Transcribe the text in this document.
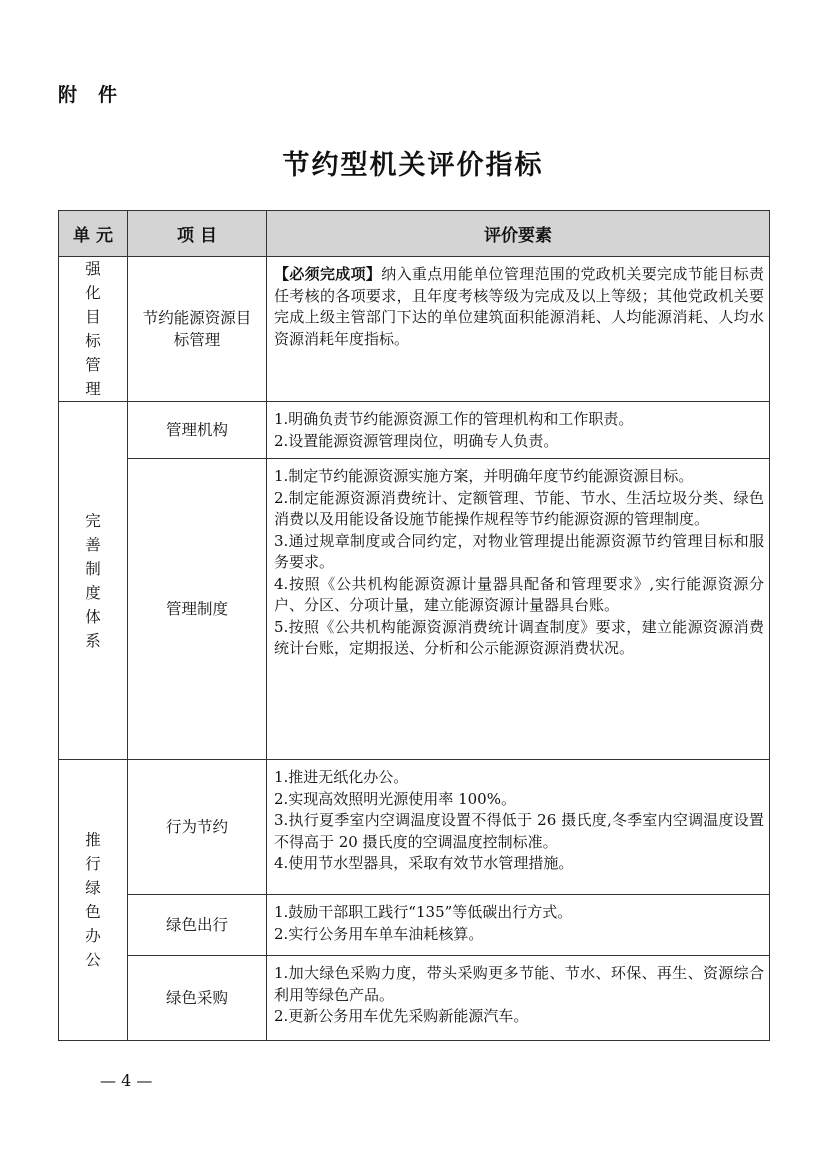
附　件
节约型机关评价指标
单 元	项 目	评价要素

强化目标管理	节约能源资源目标管理	【必须完成项】纳入重点用能单位管理范围的党政机关要完成节能目标责任考核的各项要求，且年度考核等级为完成及以上等级；其他党政机关要完成上级主管部门下达的单位建筑面积能源消耗、人均能源消耗、人均水资源消耗年度指标。

完善制度体系	管理机构	1.明确负责节约能源资源工作的管理机构和工作职责。

2.设置能源资源管理岗位，明确专人负责。

	管理制度	1.制定节约能源资源实施方案，并明确年度节约能源资源目标。

2.制定能源资源消费统计、定额管理、节能、节水、生活垃圾分类、绿色消费以及用能设备设施节能操作规程等节约能源资源的管理制度。

3.通过规章制度或合同约定，对物业管理提出能源资源节约管理目标和服务要求。

4.按照《公共机构能源资源计量器具配备和管理要求》,实行能源资源分户、分区、分项计量，建立能源资源计量器具台账。

5.按照《公共机构能源资源消费统计调查制度》要求，建立能源资源消费统计台账，定期报送、分析和公示能源资源消费状况。

推行绿色办公	行为节约	1.推进无纸化办公。

2.实现高效照明光源使用率 100%。

3.执行夏季室内空调温度设置不得低于 26 摄氏度,冬季室内空调温度设置不得高于 20 摄氏度的空调温度控制标准。

4.使用节水型器具，采取有效节水管理措施。

	绿色出行	1.鼓励干部职工践行“135”等低碳出行方式。

2.实行公务用车单车油耗核算。

	绿色采购	1.加大绿色采购力度，带头采购更多节能、节水、环保、再生、资源综合利用等绿色产品。

2.更新公务用车优先采购新能源汽车。

— 4 —
